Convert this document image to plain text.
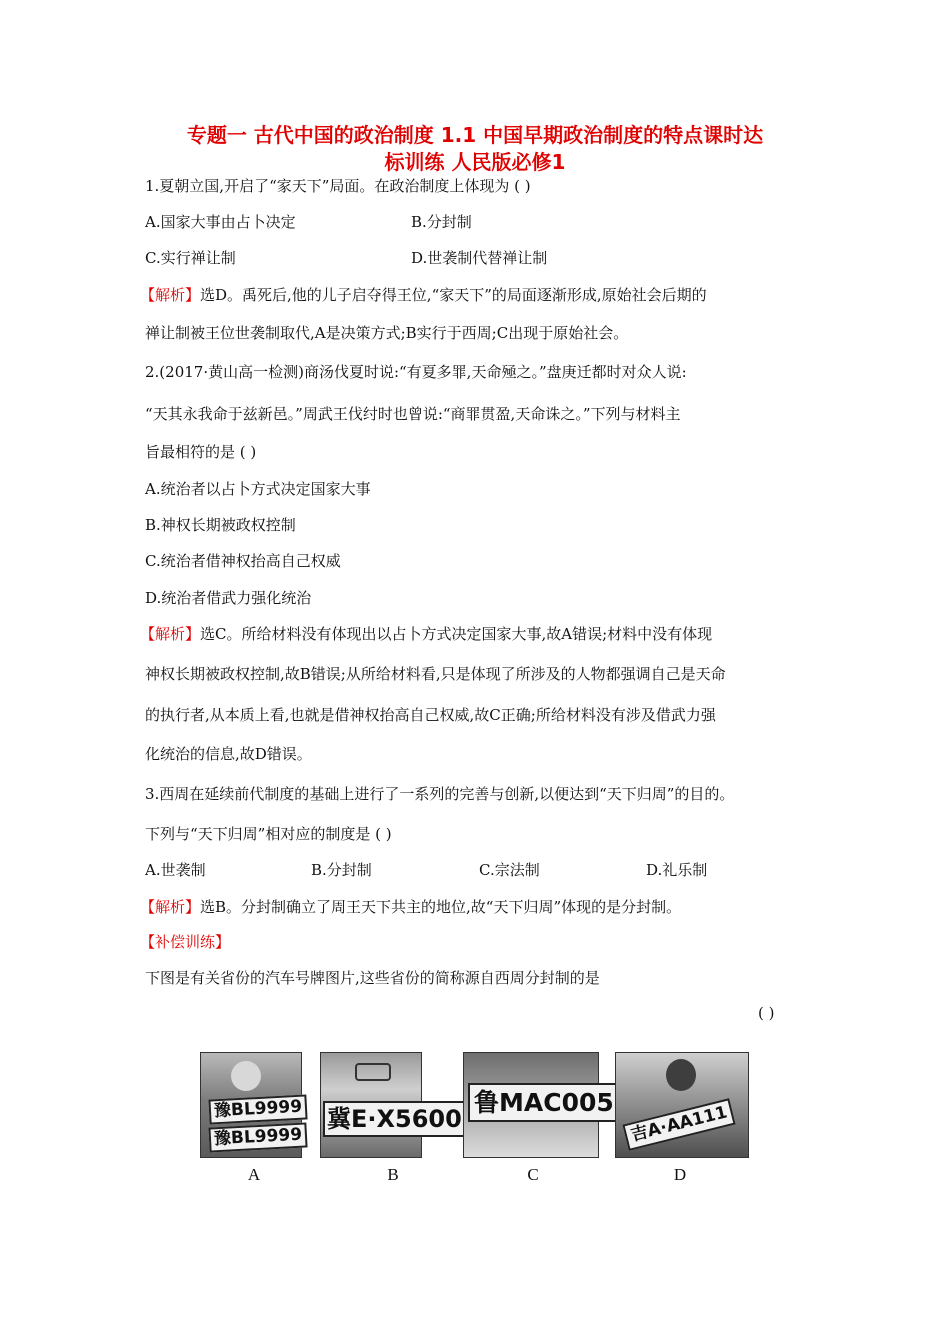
专题一 古代中国的政治制度 1.1 中国早期政治制度的特点课时达
标训练 人民版必修1
1.夏朝立国,开启了“家天下”局面。在政治制度上体现为 ( )
A.国家大事由占卜决定	B.分封制
C.实行禅让制	D.世袭制代替禅让制
【解析】选D。禹死后,他的儿子启夺得王位,“家天下”的局面逐渐形成,原始社会后期的
禅让制被王位世袭制取代,A是决策方式;B实行于西周;C出现于原始社会。
2.(2017·黄山高一检测)商汤伐夏时说:“有夏多罪,天命殛之。”盘庚迁都时对众人说:
“天其永我命于兹新邑。”周武王伐纣时也曾说:“商罪贯盈,天命诛之。”下列与材料主
旨最相符的是 ( )
A.统治者以占卜方式决定国家大事
B.神权长期被政权控制
C.统治者借神权抬高自己权威
D.统治者借武力强化统治
【解析】选C。所给材料没有体现出以占卜方式决定国家大事,故A错误;材料中没有体现
神权长期被政权控制,故B错误;从所给材料看,只是体现了所涉及的人物都强调自己是天命
的执行者,从本质上看,也就是借神权抬高自己权威,故C正确;所给材料没有涉及借武力强
化统治的信息,故D错误。
3.西周在延续前代制度的基础上进行了一系列的完善与创新,以便达到“天下归周”的目的。
下列与“天下归周”相对应的制度是 ( )
A.世袭制	B.分封制	C.宗法制	D.礼乐制
【解析】选B。分封制确立了周王天下共主的地位,故“天下归周”体现的是分封制。
【补偿训练】
下图是有关省份的汽车号牌图片,这些省份的简称源自西周分封制的是
( )
豫BL9999
豫BL9999
A
冀E·X5600
B
鲁MAC005
C
吉A·AA111
D
